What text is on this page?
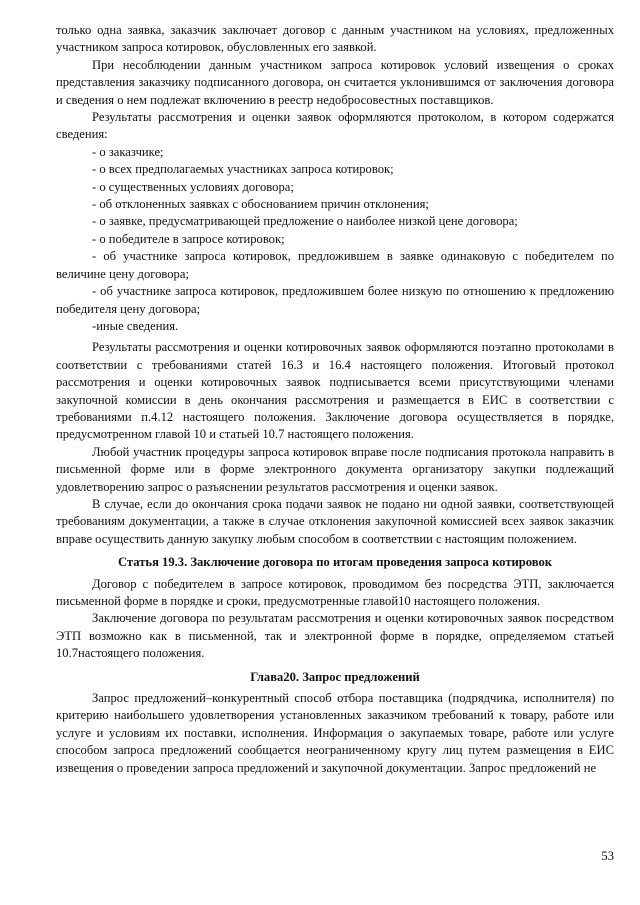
только одна заявка, заказчик заключает договор с данным участником на условиях, предложенных участником запроса котировок, обусловленных его заявкой.

При несоблюдении данным участником запроса котировок условий извещения о сроках представления заказчику подписанного договора, он считается уклонившимся от заключения договора и сведения о нем подлежат включению в реестр недобросовестных поставщиков.

Результаты рассмотрения и оценки заявок оформляются протоколом, в котором содержатся сведения:

- о заказчике;

- о всех предполагаемых участниках запроса котировок;

- о существенных условиях договора;

- об отклоненных заявках с обоснованием причин отклонения;

- о заявке, предусматривающей предложение о наиболее низкой цене договора;

- о победителе в запросе котировок;

- об участнике запроса котировок, предложившем в заявке одинаковую с победителем по величине цену договора;

- об участнике запроса котировок, предложившем более низкую по отношению к предложению победителя цену договора;

-иные сведения.

Результаты рассмотрения и оценки котировочных заявок оформляются поэтапно протоколами в соответствии с требованиями статей 16.3 и 16.4 настоящего положения. Итоговый протокол рассмотрения и оценки котировочных заявок подписывается всеми присутствующими членами закупочной комиссии в день окончания рассмотрения и размещается в ЕИС в соответствии с требованиями п.4.12 настоящего положения. Заключение договора осуществляется в порядке, предусмотренном главой 10 и статьей 10.7 настоящего положения.

Любой участник процедуры запроса котировок вправе после подписания протокола направить в письменной форме или в форме электронного документа организатору закупки подлежащий удовлетворению запрос о разъяснении результатов рассмотрения и оценки заявок.

В случае, если до окончания срока подачи заявок не подано ни одной заявки, соответствующей требованиям документации, а также в случае отклонения закупочной комиссией всех заявок заказчик вправе осуществить данную закупку любым способом в соответствии с настоящим положением.

Статья 19.3. Заключение договора по итогам проведения запроса котировок

Договор с победителем в запросе котировок, проводимом без посредства ЭТП, заключается письменной форме в порядке и сроки, предусмотренные главой10 настоящего положения.

Заключение договора по результатам рассмотрения и оценки котировочных заявок посредством ЭТП возможно как в письменной, так и электронной форме в порядке, определяемом статьей 10.7настоящего положения.

Глава20. Запрос предложений

Запрос предложений–конкурентный способ отбора поставщика (подрядчика, исполнителя) по критерию наибольшего удовлетворения установленных заказчиком требований к товару, работе или услуге и условиям их поставки, исполнения. Информация о закупаемых товаре, работе или услуге способом запроса предложений сообщается неограниченному кругу лиц путем размещения в ЕИС извещения о проведении запроса предложений и закупочной документации. Запрос предложений не

53
